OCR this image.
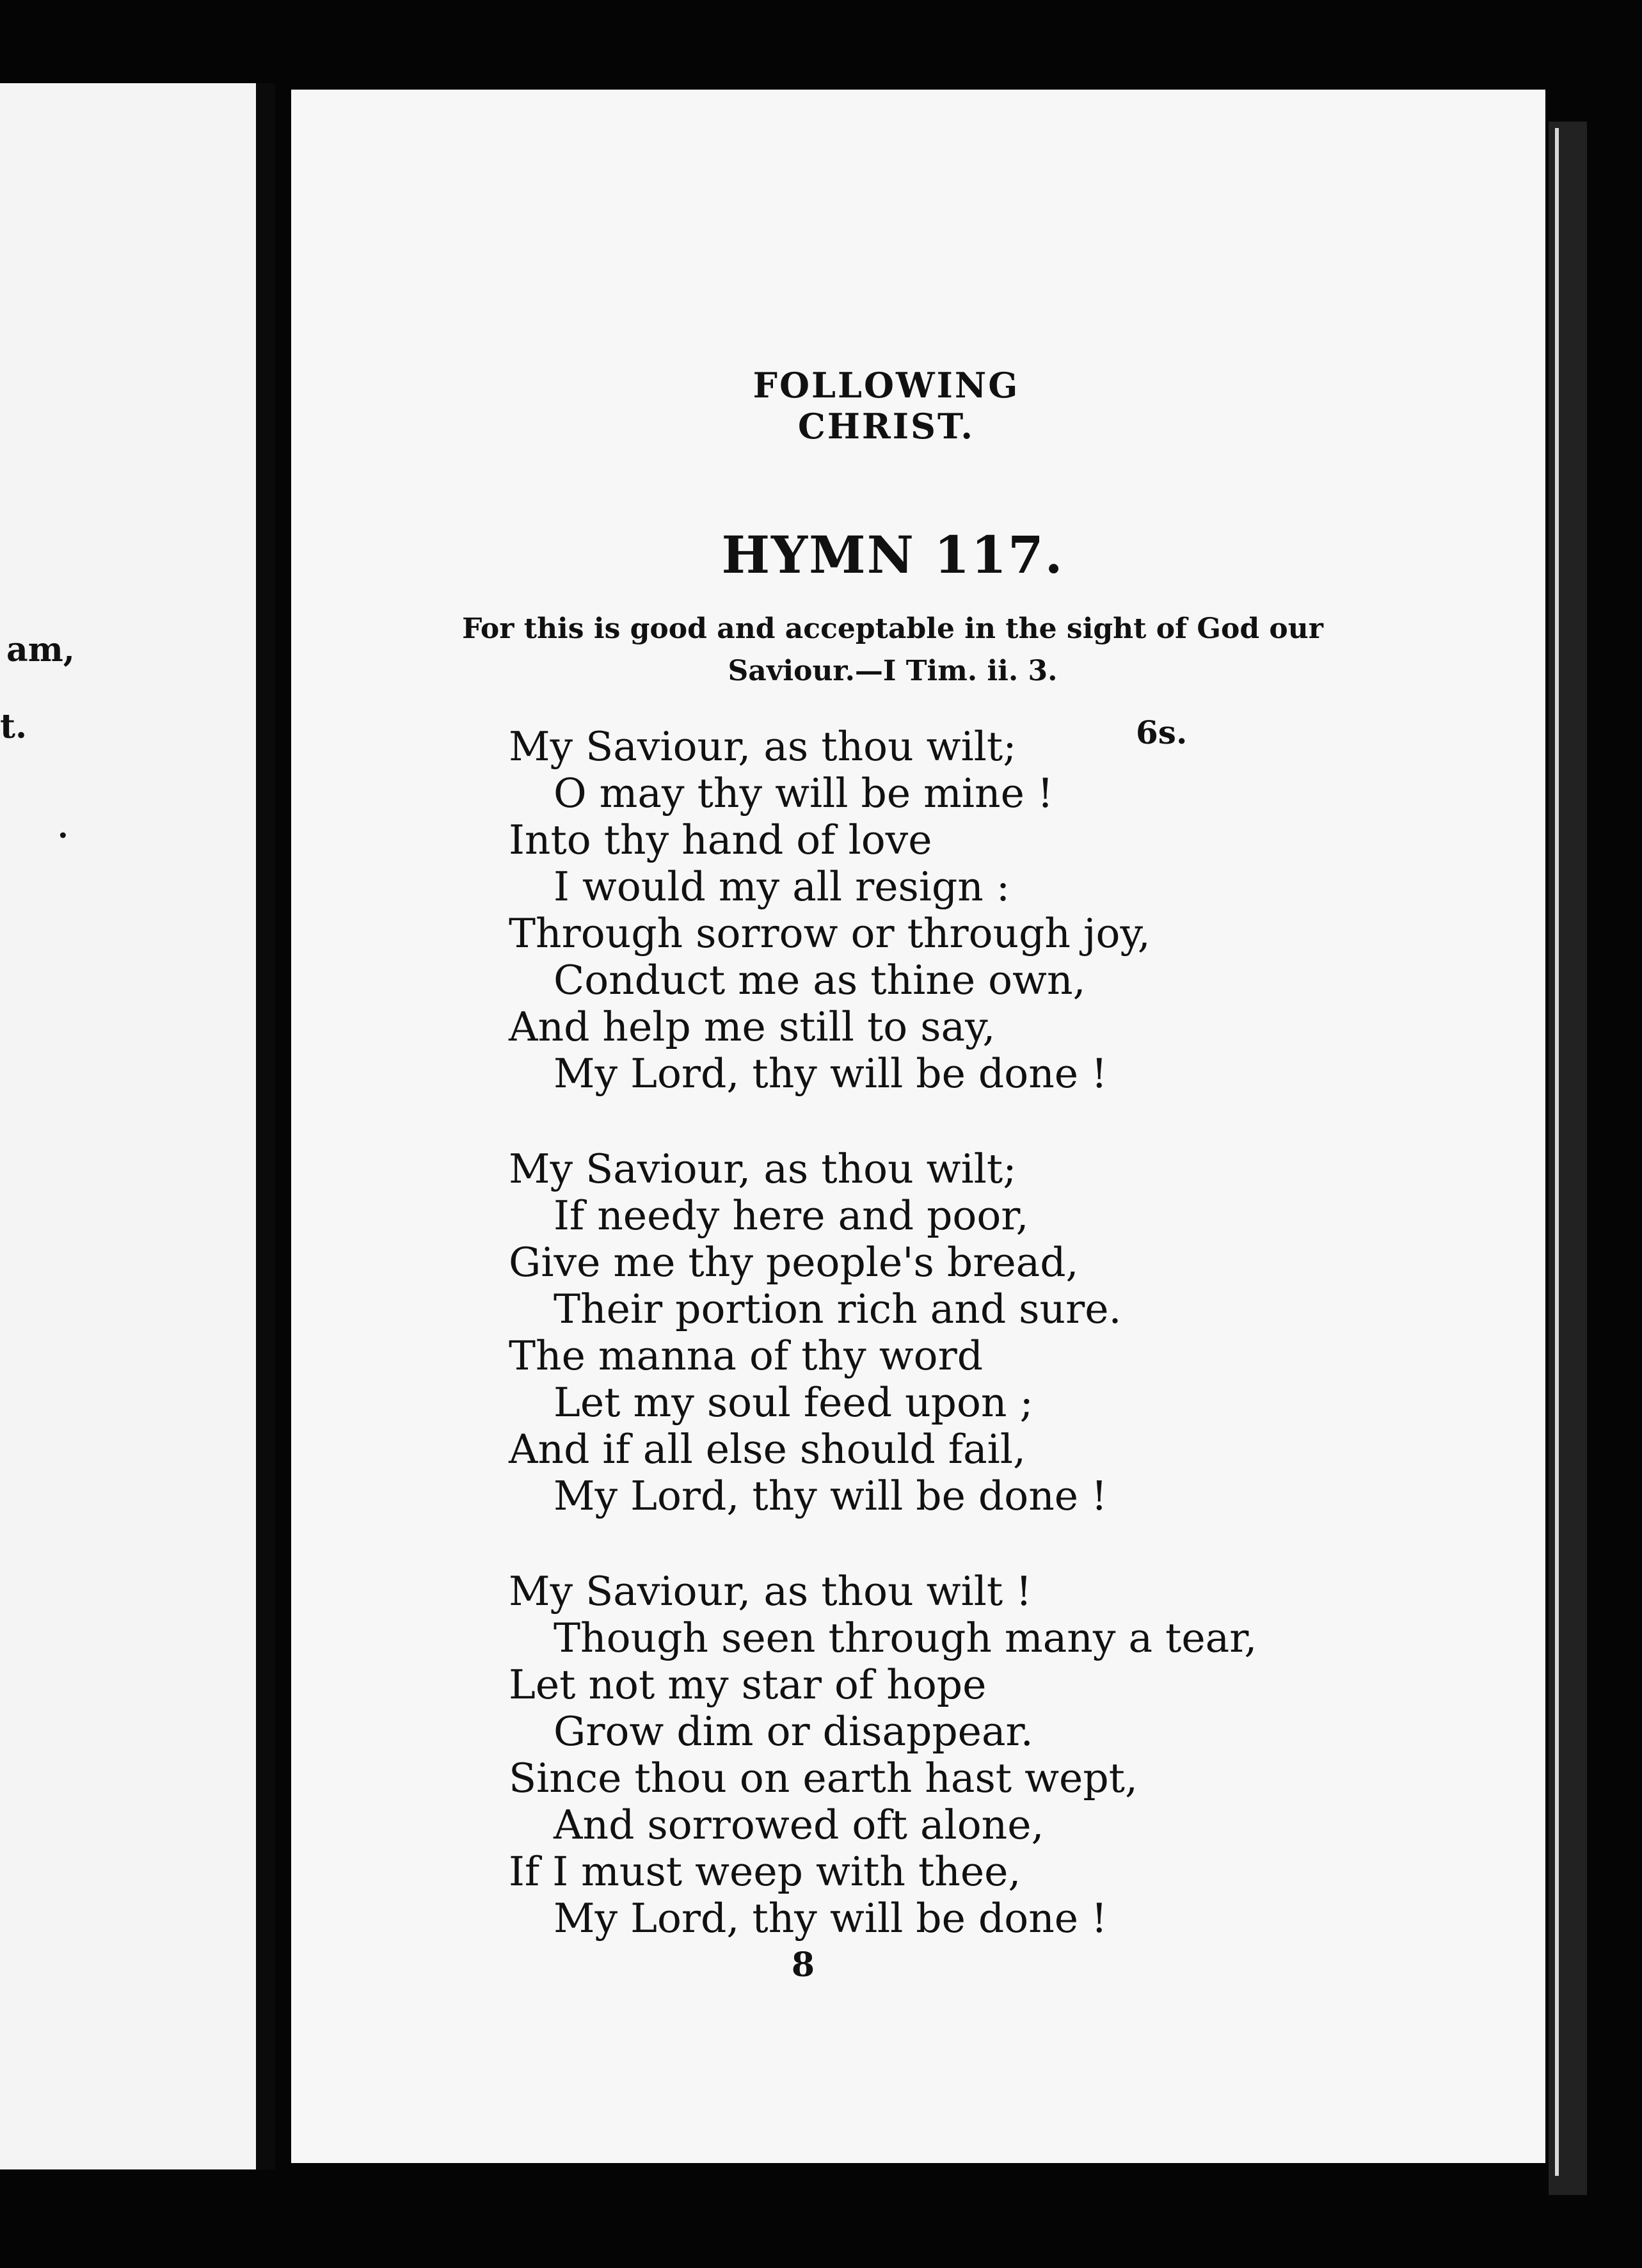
am,
t.
.
FOLLOWING CHRIST.
HYMN 117.
For this is good and acceptable in the sight of God our
Saviour.—I Tim. ii. 3.
6s.
My Saviour, as thou wilt;
O may thy will be mine !
Into thy hand of love
I would my all resign :
Through sorrow or through joy,
Conduct me as thine own,
And help me still to say,
My Lord, thy will be done !
My Saviour, as thou wilt;
If needy here and poor,
Give me thy people's bread,
Their portion rich and sure.
The manna of thy word
Let my soul feed upon ;
And if all else should fail,
My Lord, thy will be done !
My Saviour, as thou wilt !
Though seen through many a tear,
Let not my star of hope
Grow dim or disappear.
Since thou on earth hast wept,
And sorrowed oft alone,
If I must weep with thee,
My Lord, thy will be done !
8
